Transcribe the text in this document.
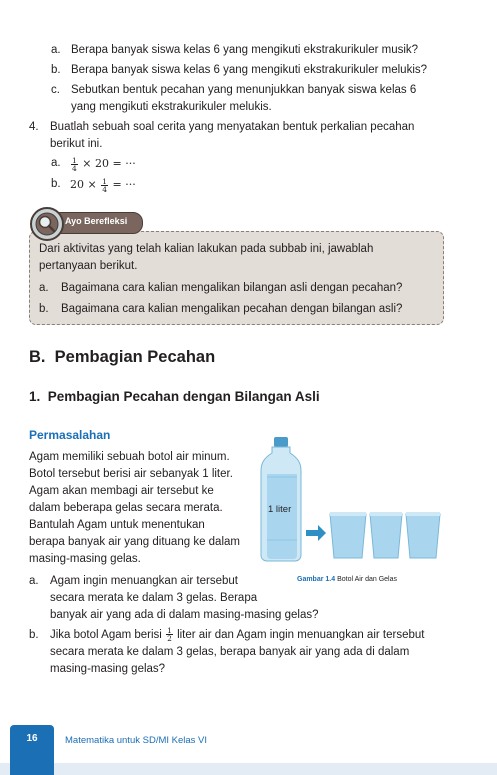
a. Berapa banyak siswa kelas 6 yang mengikuti ekstrakurikuler musik?
b. Berapa banyak siswa kelas 6 yang mengikuti ekstrakurikuler melukis?
c. Sebutkan bentuk pecahan yang menunjukkan banyak siswa kelas 6
yang mengikuti ekstrakurikuler melukis.
4. Buatlah sebuah soal cerita yang menyatakan bentuk perkalian pecahan
berikut ini.
a. $\frac{1}{4} \times 20$ = ···
b. $20 \times \frac{1}{4}$ = ···
Ayo Berefleksi
Dari aktivitas yang telah kalian lakukan pada subbab ini, jawablah
pertanyaan berikut.
a. Bagaimana cara kalian mengalikan bilangan asli dengan pecahan?
b. Bagaimana cara kalian mengalikan pecahan dengan bilangan asli?
B.  Pembagian Pecahan
1.  Pembagian Pecahan dengan Bilangan Asli
Permasalahan
Agam memiliki sebuah botol air minum.
Botol tersebut berisi air sebanyak 1 liter.
Agam akan membagi air tersebut ke
dalam beberapa gelas secara merata.
Bantulah Agam untuk menentukan
berapa banyak air yang dituang ke dalam
masing-masing gelas.
1 liter
Gambar 1.4 Botol Air dan Gelas
a. Agam ingin menuangkan air tersebut
secara merata ke dalam 3 gelas. Berapa
banyak air yang ada di dalam masing-masing gelas?
b. Jika botol Agam berisi $\frac{1}{2}$ liter air dan Agam ingin menuangkan air tersebut
secara merata ke dalam 3 gelas, berapa banyak air yang ada di dalam
masing-masing gelas?
16	Matematika untuk SD/MI Kelas VI
